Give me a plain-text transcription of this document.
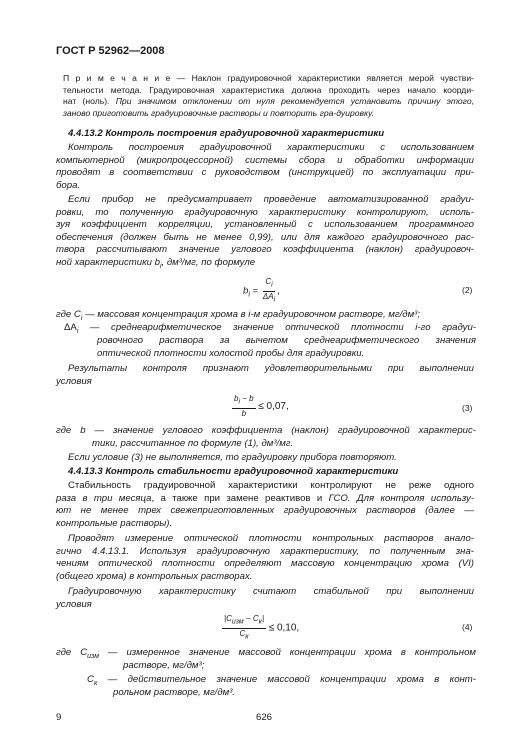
ГОСТ Р 52962—2008
П р и м е ч а н и е — Наклон градуировочной характеристики является мерой чувстви-
тельности метода. Градуировочная характеристика должна проходить через начало коорди-
нат (ноль). При значимом отклонении от нуля рекомендуется установить причину этого,
заново приготовить градуировочные растворы и повторить гра-дуировку.
4.4.13.2 Контроль построения градуировочной характеристики
Контроль построения градуировочной характеристики с использованием
компьютерной (микропроцессорной) системы сбора и обработки информации
проводят в соответствии с руководством (инструкцией) по эксплуатации при-
бора.
Если прибор не предусматривает проведение автоматизированной градуи-
ровки, то полученную градуировочную характеристику контролируют, исполь-
зуя коэффициент корреляции, установленный с использованием программного
обеспечения (должен быть не менее 0,99), или для каждого градуировочного рас-
твора рассчитывают значение углового коэффициента (наклон) градуировоч-
ной характеристики $b_i$, дм³/мг, по формуле
$b_i = \frac{C_i}{\Delta A_i}$ ,	(2)
где $C_i$ — массовая концентрация хрома в i-м градуировочном растворе, мг/дм³;
$\Delta A_i$ — среднеарифметическое значение оптической плотности i-го градуи-
ровочного раствора за вычетом среднеарифметического значения
оптической плотности холостой пробы для градуировки.
Результаты контроля признают удовлетворительными при выполнении
условия
$\frac{b_i - b}{b} \le 0,07$,	(3)
где b — значение углового коэффициента (наклон) градуировочной характерис-
тики, рассчитанное по формуле (1), дм³/мг.
Если условие (3) не выполняется, то градуировку прибора повторяют.
4.4.13.3 Контроль стабильности градуировочной характеристики
Стабильность градуировочной характеристики контролируют не реже одного
раза в три месяца, а также при замене реактивов и ГСО. Для контроля использу-
ют не менее трех свежеприготовленных градуировочных растворов (далее —
контрольные растворы).
Проводят измерение оптической плотности контрольных растворов анало-
гично 4.4.13.1. Используя градуировочную характеристику, по полученным зна-
чениям оптической плотности определяют массовую концентрацию хрома (VI)
(общего хрома) в контрольных растворах.
Градуировочную характеристику считают стабильной при выполнении
условия
$\frac{|C_{изм} - C_к|}{C_к} \le 0,10$,	(4)
где $C_{изм}$ — измеренное значение массовой концентрации хрома в контрольном
растворе, мг/дм³;
$C_к$ — действительное значение массовой концентрации хрома в конт-
рольном растворе, мг/дм³.
9	626
